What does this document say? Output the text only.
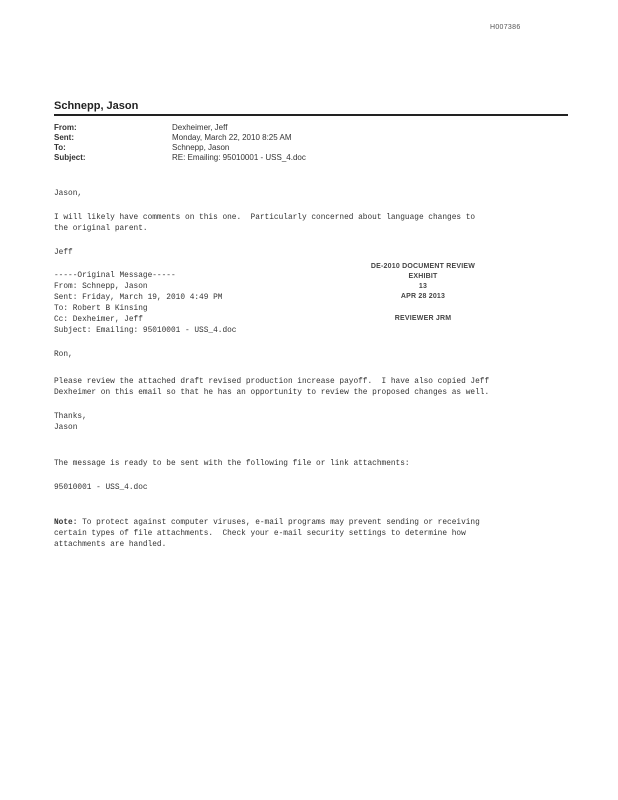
H007386
Schnepp, Jason
From:	Dexheimer, Jeff
Sent:	Monday, March 22, 2010 8:25 AM
To:	Schnepp, Jason
Subject:	RE: Emailing: 95010001 - USS_4.doc
Jason,
I will likely have comments on this one.  Particularly concerned about language changes to
the original parent.
Jeff
-----Original Message-----
From: Schnepp, Jason
Sent: Friday, March 19, 2010 4:49 PM
To: Robert B Kinsing
Cc: Dexheimer, Jeff
Subject: Emailing: 95010001 - USS_4.doc
Ron,
Please review the attached draft revised production increase payoff.  I have also copied Jeff
Dexheimer on this email so that he has an opportunity to review the proposed changes as well.
Thanks,
Jason
The message is ready to be sent with the following file or link attachments:
95010001 - USS_4.doc
Note: To protect against computer viruses, e-mail programs may prevent sending or receiving
certain types of file attachments.  Check your e-mail security settings to determine how
attachments are handled.
DE-2010 DOCUMENT REVIEW
EXHIBIT
13
APR 28 2013
REVIEWER JRM
